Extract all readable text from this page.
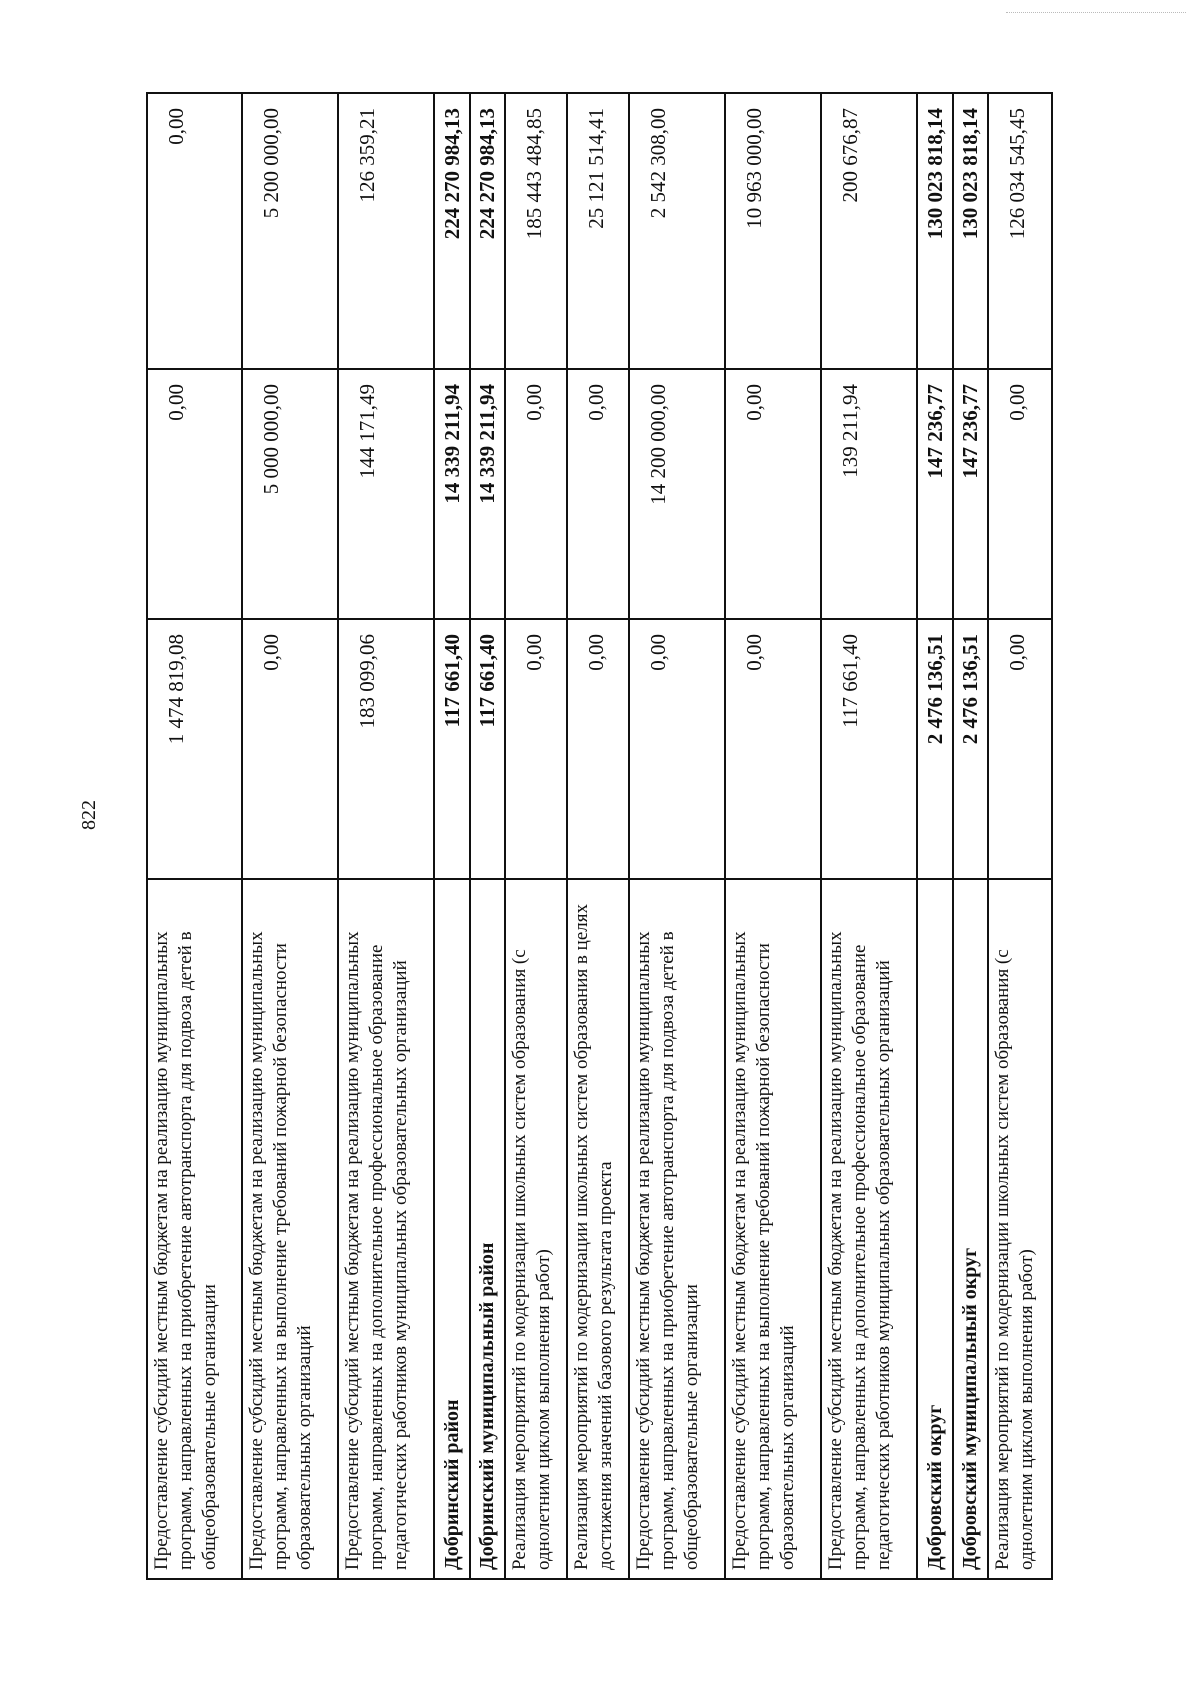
822
Предоставление субсидий местным бюджетам на реализацию муниципальных программ, направленных на приобретение автотранспорта для подвоза детей в общеобразовательные организации	1 474 819,08	0,00	0,00
Предоставление субсидий местным бюджетам на реализацию муниципальных программ, направленных на выполнение требований пожарной безопасности образовательных организаций	0,00	5 000 000,00	5 200 000,00
Предоставление субсидий местным бюджетам на реализацию муниципальных программ, направленных на дополнительное профессиональное образование педагогических работников муниципальных образовательных организаций	183 099,06	144 171,49	126 359,21
Добринский район	117 661,40	14 339 211,94	224 270 984,13
Добринский муниципальный район	117 661,40	14 339 211,94	224 270 984,13
Реализация мероприятий по модернизации школьных систем образования (с однолетним циклом выполнения работ)	0,00	0,00	185 443 484,85
Реализация мероприятий по модернизации школьных систем образования в целях достижения значений базового результата проекта	0,00	0,00	25 121 514,41
Предоставление субсидий местным бюджетам на реализацию муниципальных программ, направленных на приобретение автотранспорта для подвоза детей в общеобразовательные организации	0,00	14 200 000,00	2 542 308,00
Предоставление субсидий местным бюджетам на реализацию муниципальных программ, направленных на выполнение требований пожарной безопасности образовательных организаций	0,00	0,00	10 963 000,00
Предоставление субсидий местным бюджетам на реализацию муниципальных программ, направленных на дополнительное профессиональное образование педагогических работников муниципальных образовательных организаций	117 661,40	139 211,94	200 676,87
Добровский округ	2 476 136,51	147 236,77	130 023 818,14
Добровский муниципальный округ	2 476 136,51	147 236,77	130 023 818,14
Реализация мероприятий по модернизации школьных систем образования (с однолетним циклом выполнения работ)	0,00	0,00	126 034 545,45
